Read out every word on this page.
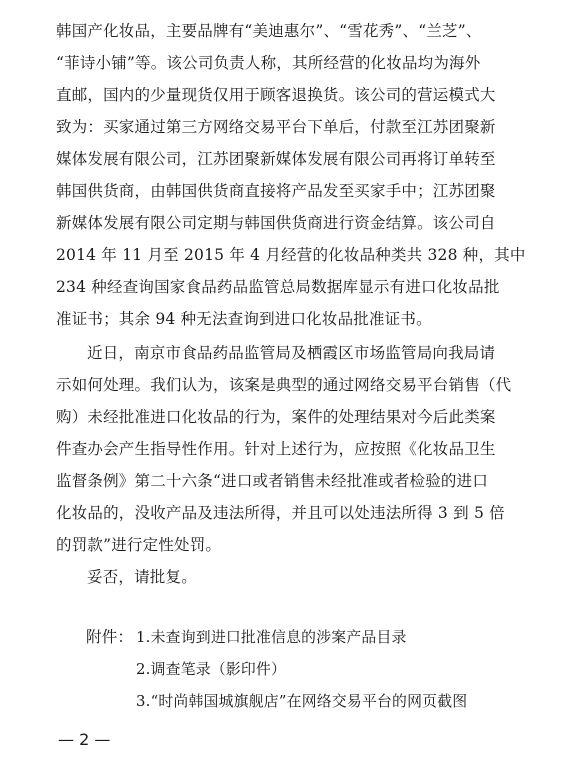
韩国产化妆品，主要品牌有“美迪惠尔”、“雪花秀”、“兰芝”、
“菲诗小铺”等。该公司负责人称，其所经营的化妆品均为海外
直邮，国内的少量现货仅用于顾客退换货。该公司的营运模式大
致为：买家通过第三方网络交易平台下单后，付款至江苏团聚新
媒体发展有限公司，江苏团聚新媒体发展有限公司再将订单转至
韩国供货商，由韩国供货商直接将产品发至买家手中；江苏团聚
新媒体发展有限公司定期与韩国供货商进行资金结算。该公司自
2014 年 11 月至 2015 年 4 月经营的化妆品种类共 328 种，其中
234 种经查询国家食品药品监管总局数据库显示有进口化妆品批
准证书；其余 94 种无法查询到进口化妆品批准证书。
近日，南京市食品药品监管局及栖霞区市场监管局向我局请
示如何处理。我们认为，该案是典型的通过网络交易平台销售（代
购）未经批准进口化妆品的行为，案件的处理结果对今后此类案
件查办会产生指导性作用。针对上述行为，应按照《化妆品卫生
监督条例》第二十六条“进口或者销售未经批准或者检验的进口
化妆品的，没收产品及违法所得，并且可以处违法所得 3 到 5 倍
的罚款”进行定性处罚。
妥否，请批复。
附件： 1.未查询到进口批准信息的涉案产品目录
2.调查笔录（影印件）
3.“时尚韩国城旗舰店”在网络交易平台的网页截图
— 2 —
